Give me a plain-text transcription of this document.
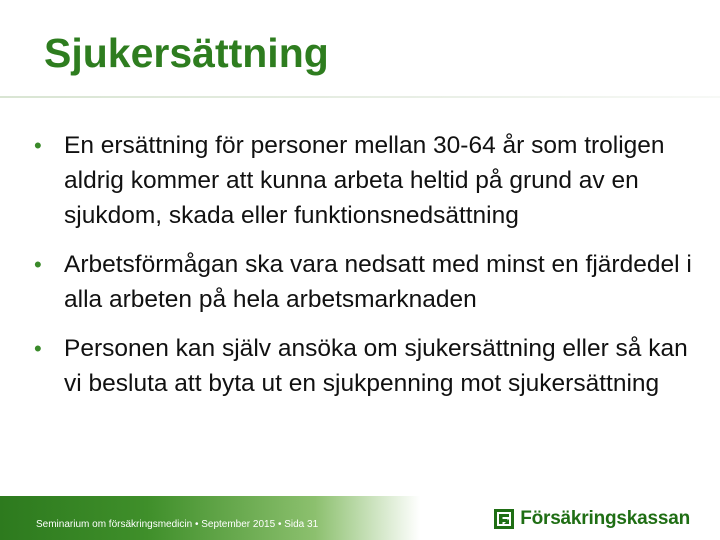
Sjukersättning
• En ersättning för personer mellan 30-64 år som troligen aldrig kommer att kunna arbeta heltid på grund av en sjukdom, skada eller funktionsnedsättning
• Arbetsförmågan ska vara nedsatt med minst en fjärdedel i alla arbeten på hela arbetsmarknaden
• Personen kan själv ansöka om sjukersättning eller så kan vi besluta att byta ut en sjukpenning mot sjukersättning
Seminarium om försäkringsmedicin • September 2015 • Sida 31	Försäkringskassan
